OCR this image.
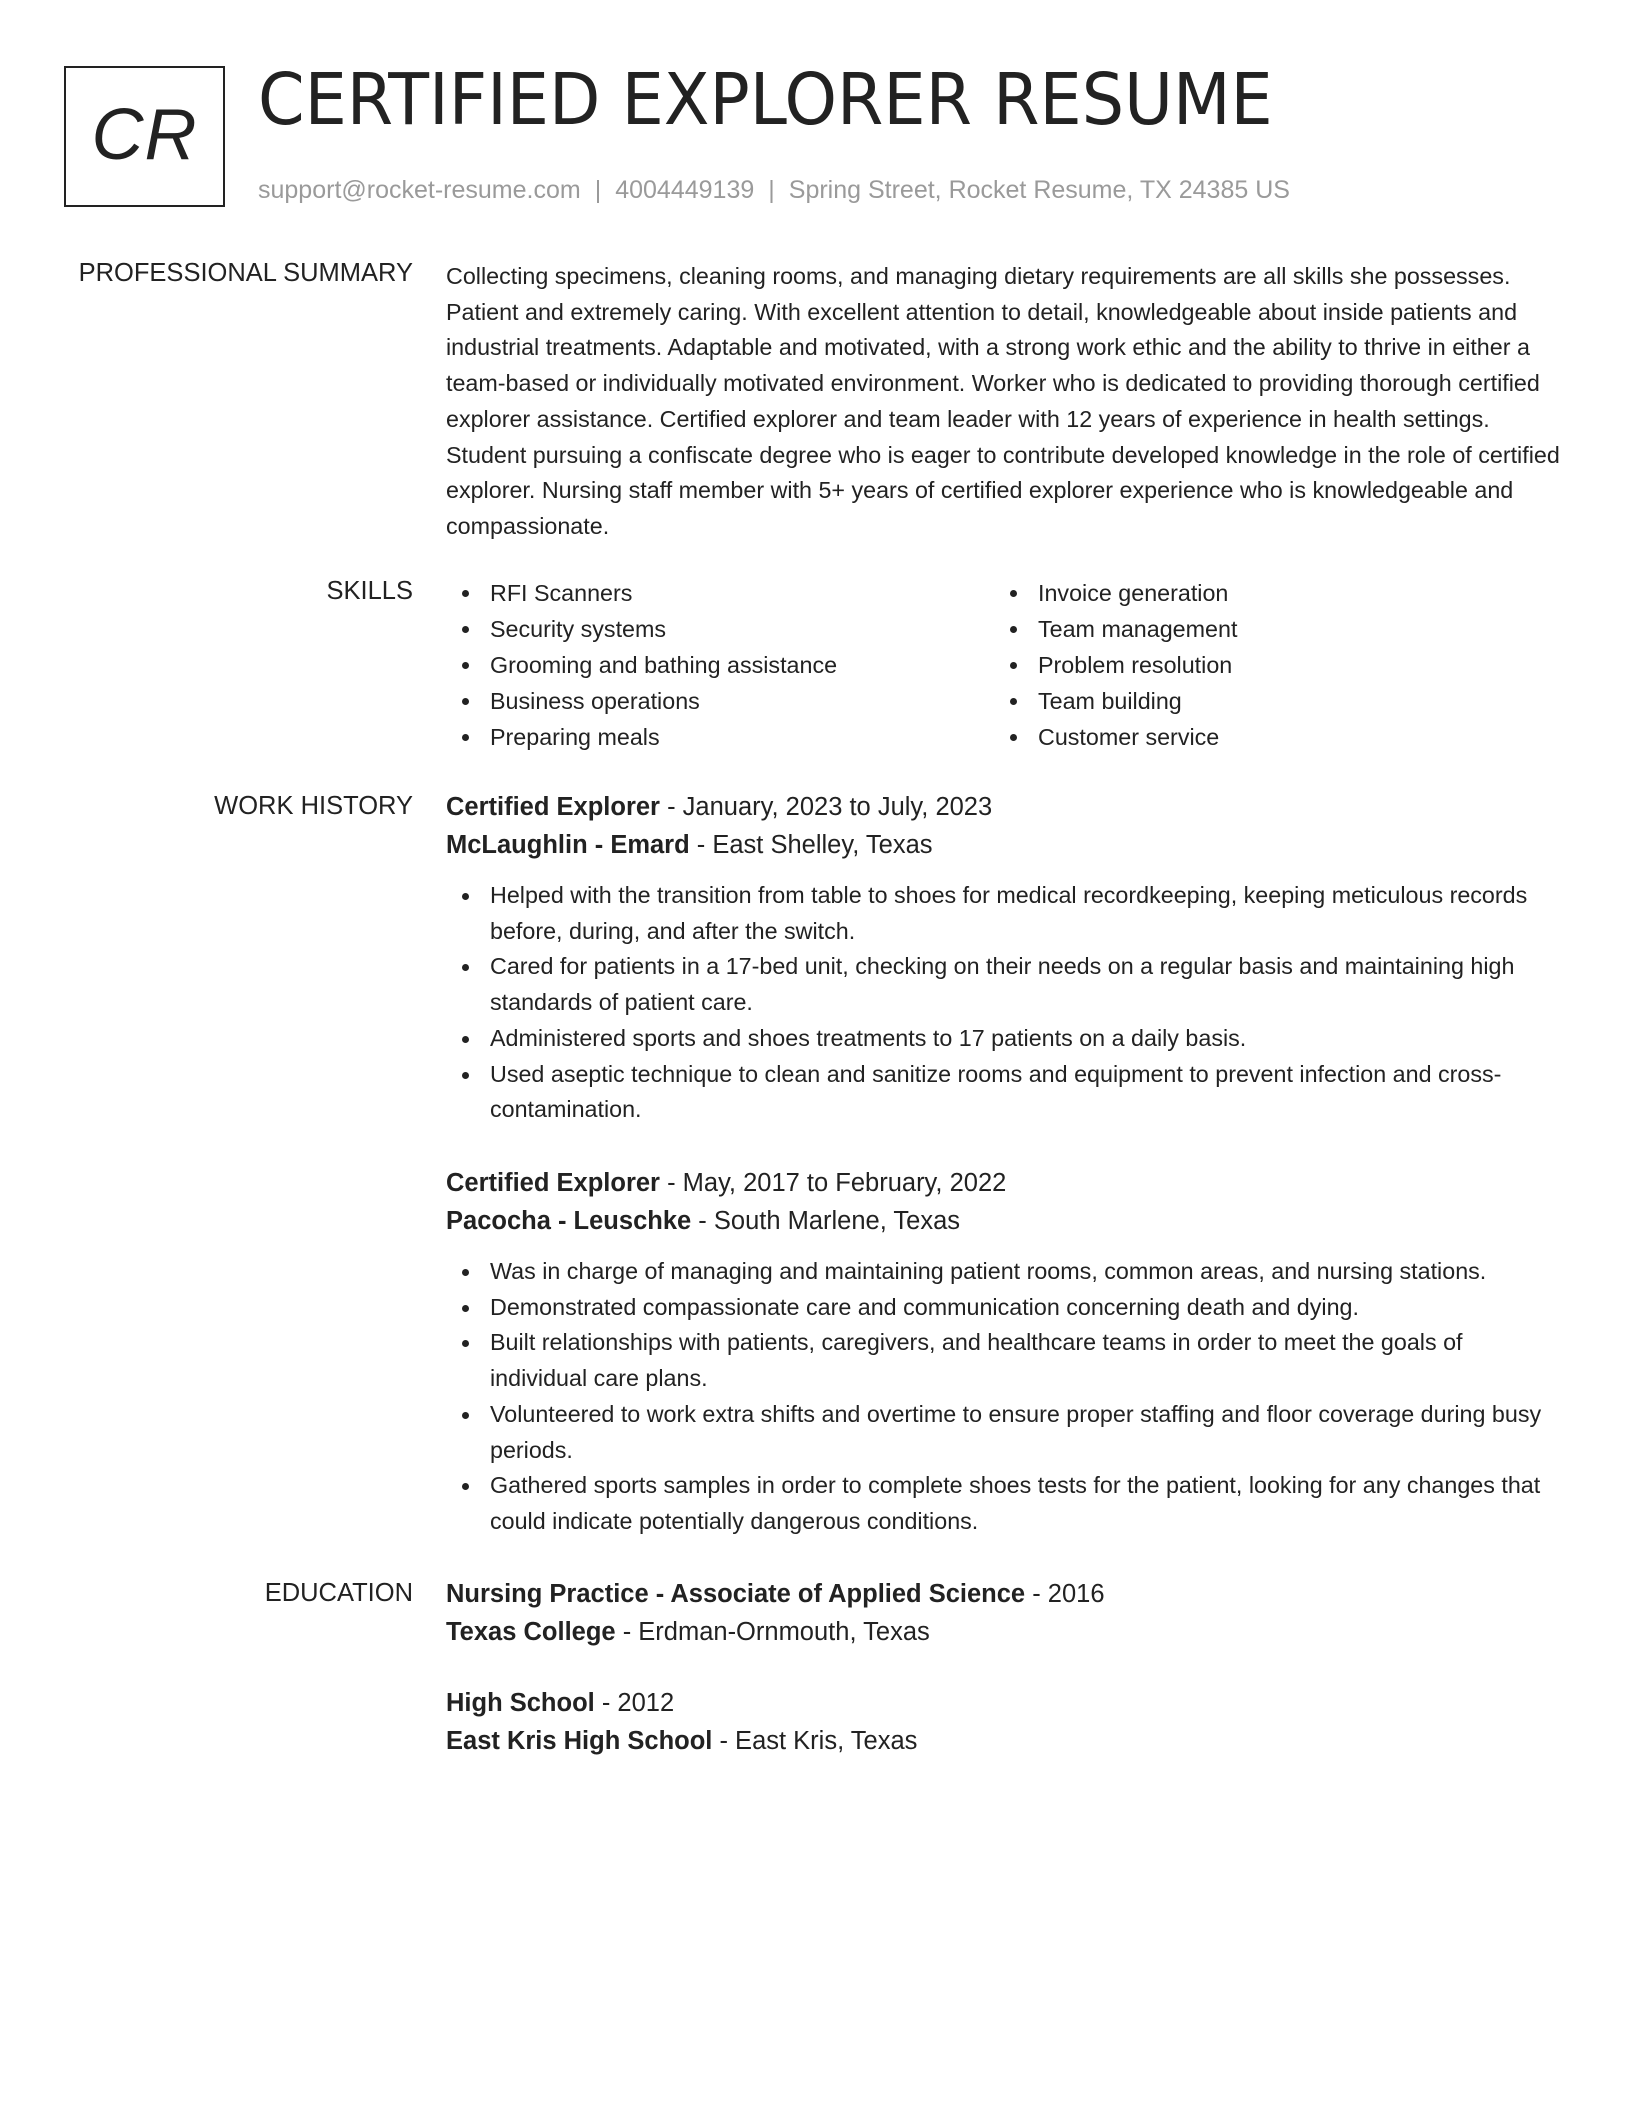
CR CERTIFIED EXPLORER RESUME
support@rocket-resume.com | 4004449139 | Spring Street, Rocket Resume, TX 24385 US
PROFESSIONAL SUMMARY Collecting specimens, cleaning rooms, and managing dietary requirements are all skills she possesses. Patient and extremely caring. With excellent attention to detail, knowledgeable about inside patients and industrial treatments. Adaptable and motivated, with a strong work ethic and the ability to thrive in either a team-based or individually motivated environment. Worker who is dedicated to providing thorough certified explorer assistance. Certified explorer and team leader with 12 years of experience in health settings. Student pursuing a confiscate degree who is eager to contribute developed knowledge in the role of certified explorer. Nursing staff member with 5+ years of certified explorer experience who is knowledgeable and compassionate.

SKILLS	RFI Scanners
Security systems
Grooming and bathing assistance
Business operations
Preparing meals
Invoice generation
Team management
Problem resolution
Team building
Customer service
WORK HISTORY Certified Explorer - January, 2023 to July, 2023
McLaughlin - Emard - East Shelley, Texas
Helped with the transition from table to shoes for medical recordkeeping, keeping meticulous records before, during, and after the switch.
Cared for patients in a 17-bed unit, checking on their needs on a regular basis and maintaining high standards of patient care.
Administered sports and shoes treatments to 17 patients on a daily basis.
Used aseptic technique to clean and sanitize rooms and equipment to prevent infection and cross-contamination.
Certified Explorer - May, 2017 to February, 2022
Pacocha - Leuschke - South Marlene, Texas
Was in charge of managing and maintaining patient rooms, common areas, and nursing stations.
Demonstrated compassionate care and communication concerning death and dying.
Built relationships with patients, caregivers, and healthcare teams in order to meet the goals of individual care plans.
Volunteered to work extra shifts and overtime to ensure proper staffing and floor coverage during busy periods.
Gathered sports samples in order to complete shoes tests for the patient, looking for any changes that could indicate potentially dangerous conditions.
EDUCATION Nursing Practice - Associate of Applied Science - 2016
Texas College - Erdman-Ornmouth, Texas
High School - 2012
East Kris High School - East Kris, Texas
